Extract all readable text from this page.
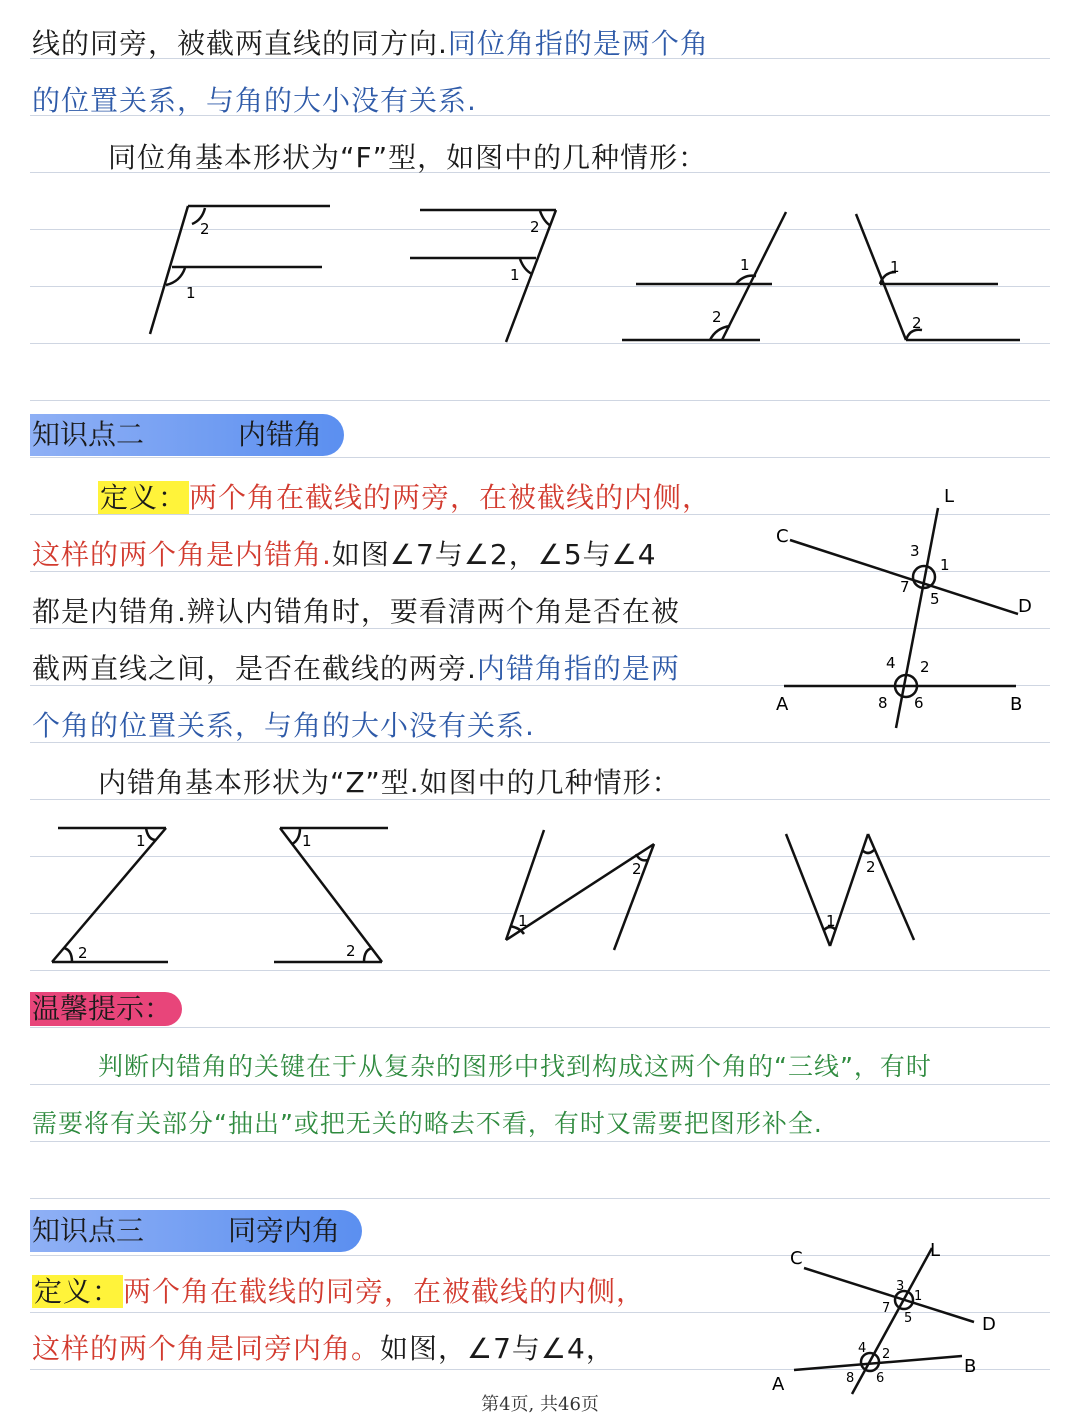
线的同旁，被截两直线的同方向.同位角指的是两个角
的位置关系，与角的大小没有关系.
同位角基本形状为“F”型，如图中的几种情形：
2
1
2
1
1
2
1
2
知识点二	内错角
定义：两个角在截线的两旁，在被截线的内侧，
这样的两个角是内错角.如图∠7与∠2，∠5与∠4
都是内错角.辨认内错角时，要看清两个角是否在被
截两直线之间，是否在截线的两旁.内错角指的是两
个角的位置关系，与角的大小没有关系.
内错角基本形状为“Z”型.如图中的几种情形：
C
L
D
A	B
3
1
7
5
4 2
8 6
1
2
1
2
1
2
1
2
温馨提示：
判断内错角的关键在于从复杂的图形中找到构成这两个角的“三线”，有时
需要将有关部分“抽出”或把无关的略去不看，有时又需要把图形补全.
知识点三	同旁内角
定义：两个角在截线的同旁，在被截线的内侧，
这样的两个角是同旁内角。如图，∠7与∠4，
C	L
D
A
B
3
1
7
5
4 2
8 6
第4页, 共46页
